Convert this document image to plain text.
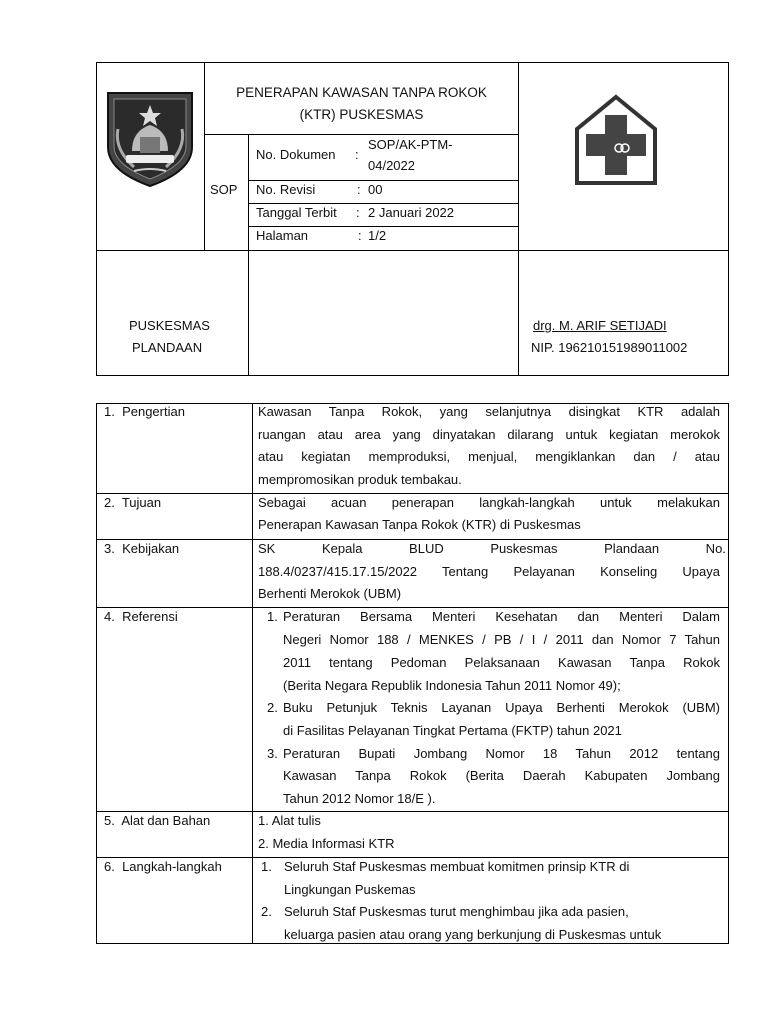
PENERAPAN KAWASAN TANPA ROKOK
(KTR) PUSKESMAS
SOP
No. Dokumen :
SOP/AK-PTM-
04/2022
No. Revisi	: 00
Tanggal Terbit : 2 Januari 2022
Halaman	: 1/2
PUSKESMAS
PLANDAAN
drg. M. ARIF SETIJADI
NIP. 196210151989011002
1.  Pengertian	Kawasan Tanpa Rokok, yang selanjutnya disingkat KTR adalah
ruangan atau area yang dinyatakan dilarang untuk kegiatan merokok
atau kegiatan memproduksi, menjual, mengiklankan dan / atau
mempromosikan produk tembakau.
2.  Tujuan	Sebagai acuan penerapan langkah-langkah untuk melakukan
Penerapan Kawasan Tanpa Rokok (KTR) di Puskesmas
3.  Kebijakan	SK Kepala BLUD Puskesmas Plandaan No.
188.4/0237/415.17.15/2022 Tentang Pelayanan Konseling Upaya
Berhenti Merokok (UBM)
4.  Referensi	1. Peraturan Bersama Menteri Kesehatan dan Menteri Dalam
Negeri Nomor 188 / MENKES / PB / I / 2011 dan Nomor 7 Tahun
2011 tentang Pedoman Pelaksanaan Kawasan Tanpa Rokok
(Berita Negara Republik Indonesia Tahun 2011 Nomor 49);
2. Buku Petunjuk Teknis Layanan Upaya Berhenti Merokok (UBM)
di Fasilitas Pelayanan Tingkat Pertama (FKTP) tahun 2021
3. Peraturan Bupati Jombang Nomor 18 Tahun 2012 tentang
Kawasan Tanpa Rokok (Berita Daerah Kabupaten Jombang
Tahun 2012 Nomor 18/E ).
5.  Alat dan Bahan	1. Alat tulis
2. Media Informasi KTR
6.  Langkah-langkah	1. Seluruh Staf Puskesmas membuat komitmen prinsip KTR di
Lingkungan Puskemas
2. Seluruh Staf Puskesmas turut menghimbau jika ada pasien,
keluarga pasien atau orang yang berkunjung di Puskesmas untuk
